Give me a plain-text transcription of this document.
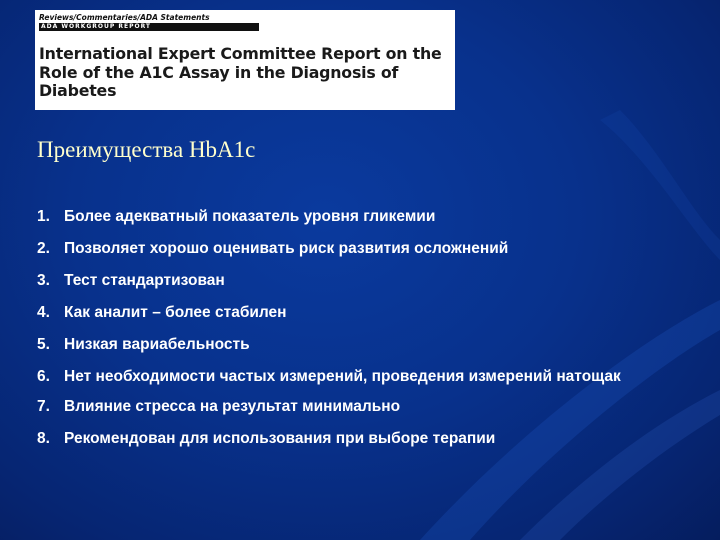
Reviews/Commentaries/ADA Statements
ADA WORKGROUP REPORT
International Expert Committee Report on the Role of the A1C Assay in the Diagnosis of Diabetes
Преимущества HbA1c
1. Более адекватный показатель уровня гликемии
2. Позволяет хорошо оценивать риск развития осложнений
3. Тест стандартизован
4. Как аналит – более стабилен
5. Низкая вариабельность
6. Нет необходимости частых измерений, проведения измерений натощак
7. Влияние стресса на результат минимально
8. Рекомендован для использования при выборе терапии
